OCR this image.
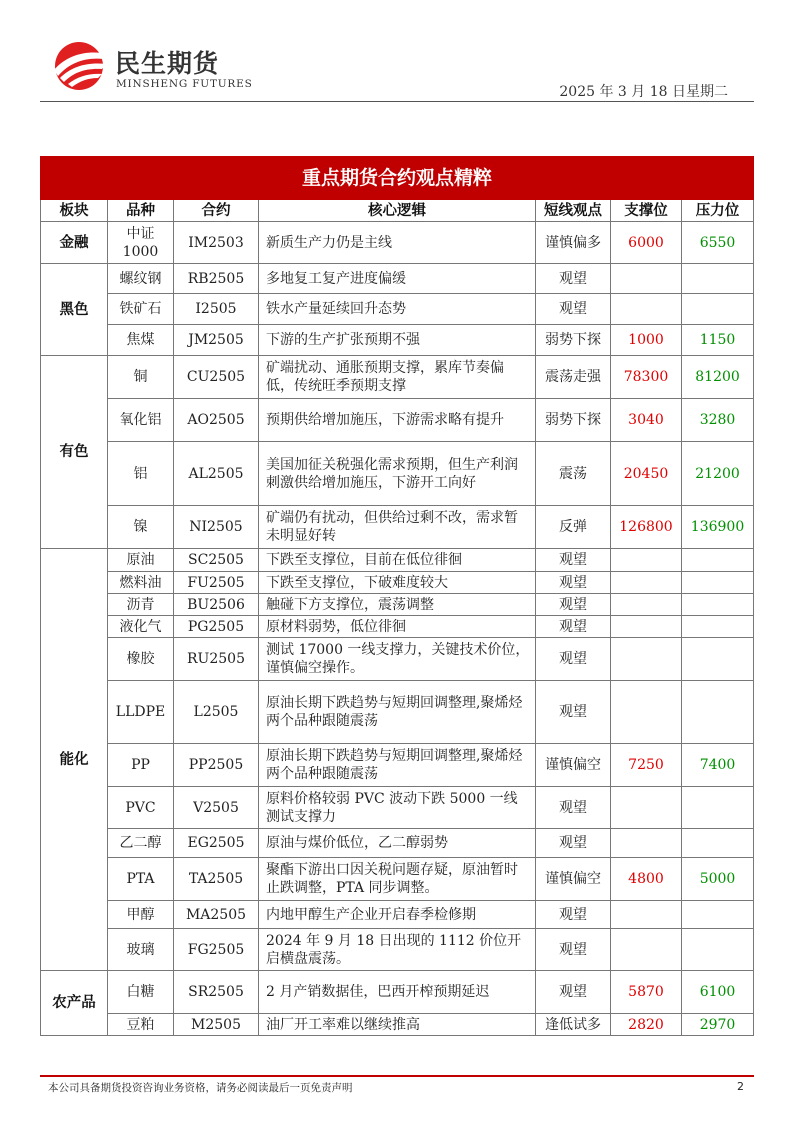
民生期货
MINSHENG FUTURES	2025 年 3 月 18 日星期二
重点期货合约观点精粹						
板块	品种	合约	核心逻辑	短线观点	支撑位	压力位
金融	中证1000	IM2503	新质生产力仍是主线	谨慎偏多	6000	6550
黑色	螺纹钢	RB2505	多地复工复产进度偏缓	观望		
	铁矿石	I2505	铁水产量延续回升态势	观望		
	焦煤	JM2505	下游的生产扩张预期不强	弱势下探	1000	1150
有色	铜	CU2505	矿端扰动、通胀预期支撑，累库节奏偏低，传统旺季预期支撑	震荡走强	78300	81200
	氧化铝	AO2505	预期供给增加施压，下游需求略有提升	弱势下探	3040	3280
	铝	AL2505	美国加征关税强化需求预期，但生产利润刺激供给增加施压，下游开工向好	震荡	20450	21200
	镍	NI2505	矿端仍有扰动，但供给过剩不改，需求暂未明显好转	反弹	126800	136900
能化	原油	SC2505	下跌至支撑位，目前在低位徘徊	观望		
	燃料油	FU2505	下跌至支撑位，下破难度较大	观望		
	沥青	BU2506	触碰下方支撑位，震荡调整	观望		
	液化气	PG2505	原材料弱势，低位徘徊	观望		
	橡胶	RU2505	测试 17000 一线支撑力，关键技术价位，谨慎偏空操作。	观望		
	LLDPE	L2505	原油长期下跌趋势与短期回调整理,聚烯烃两个品种跟随震荡	观望		
	PP	PP2505	原油长期下跌趋势与短期回调整理,聚烯烃两个品种跟随震荡	谨慎偏空	7250	7400
	PVC	V2505	原料价格较弱 PVC 波动下跌 5000 一线测试支撑力	观望		
	乙二醇	EG2505	原油与煤价低位，乙二醇弱势	观望		
	PTA	TA2505	聚酯下游出口因关税问题存疑，原油暂时止跌调整，PTA 同步调整。	谨慎偏空	4800	5000
	甲醇	MA2505	内地甲醇生产企业开启春季检修期	观望		
	玻璃	FG2505	2024 年 9 月 18 日出现的 1112 价位开启横盘震荡。	观望		
农产品	白糖	SR2505	2 月产销数据佳，巴西开榨预期延迟	观望	5870	6100
	豆粕	M2505	油厂开工率难以继续推高	逢低试多	2820	2970
本公司具备期货投资咨询业务资格，请务必阅读最后一页免责声明	2
